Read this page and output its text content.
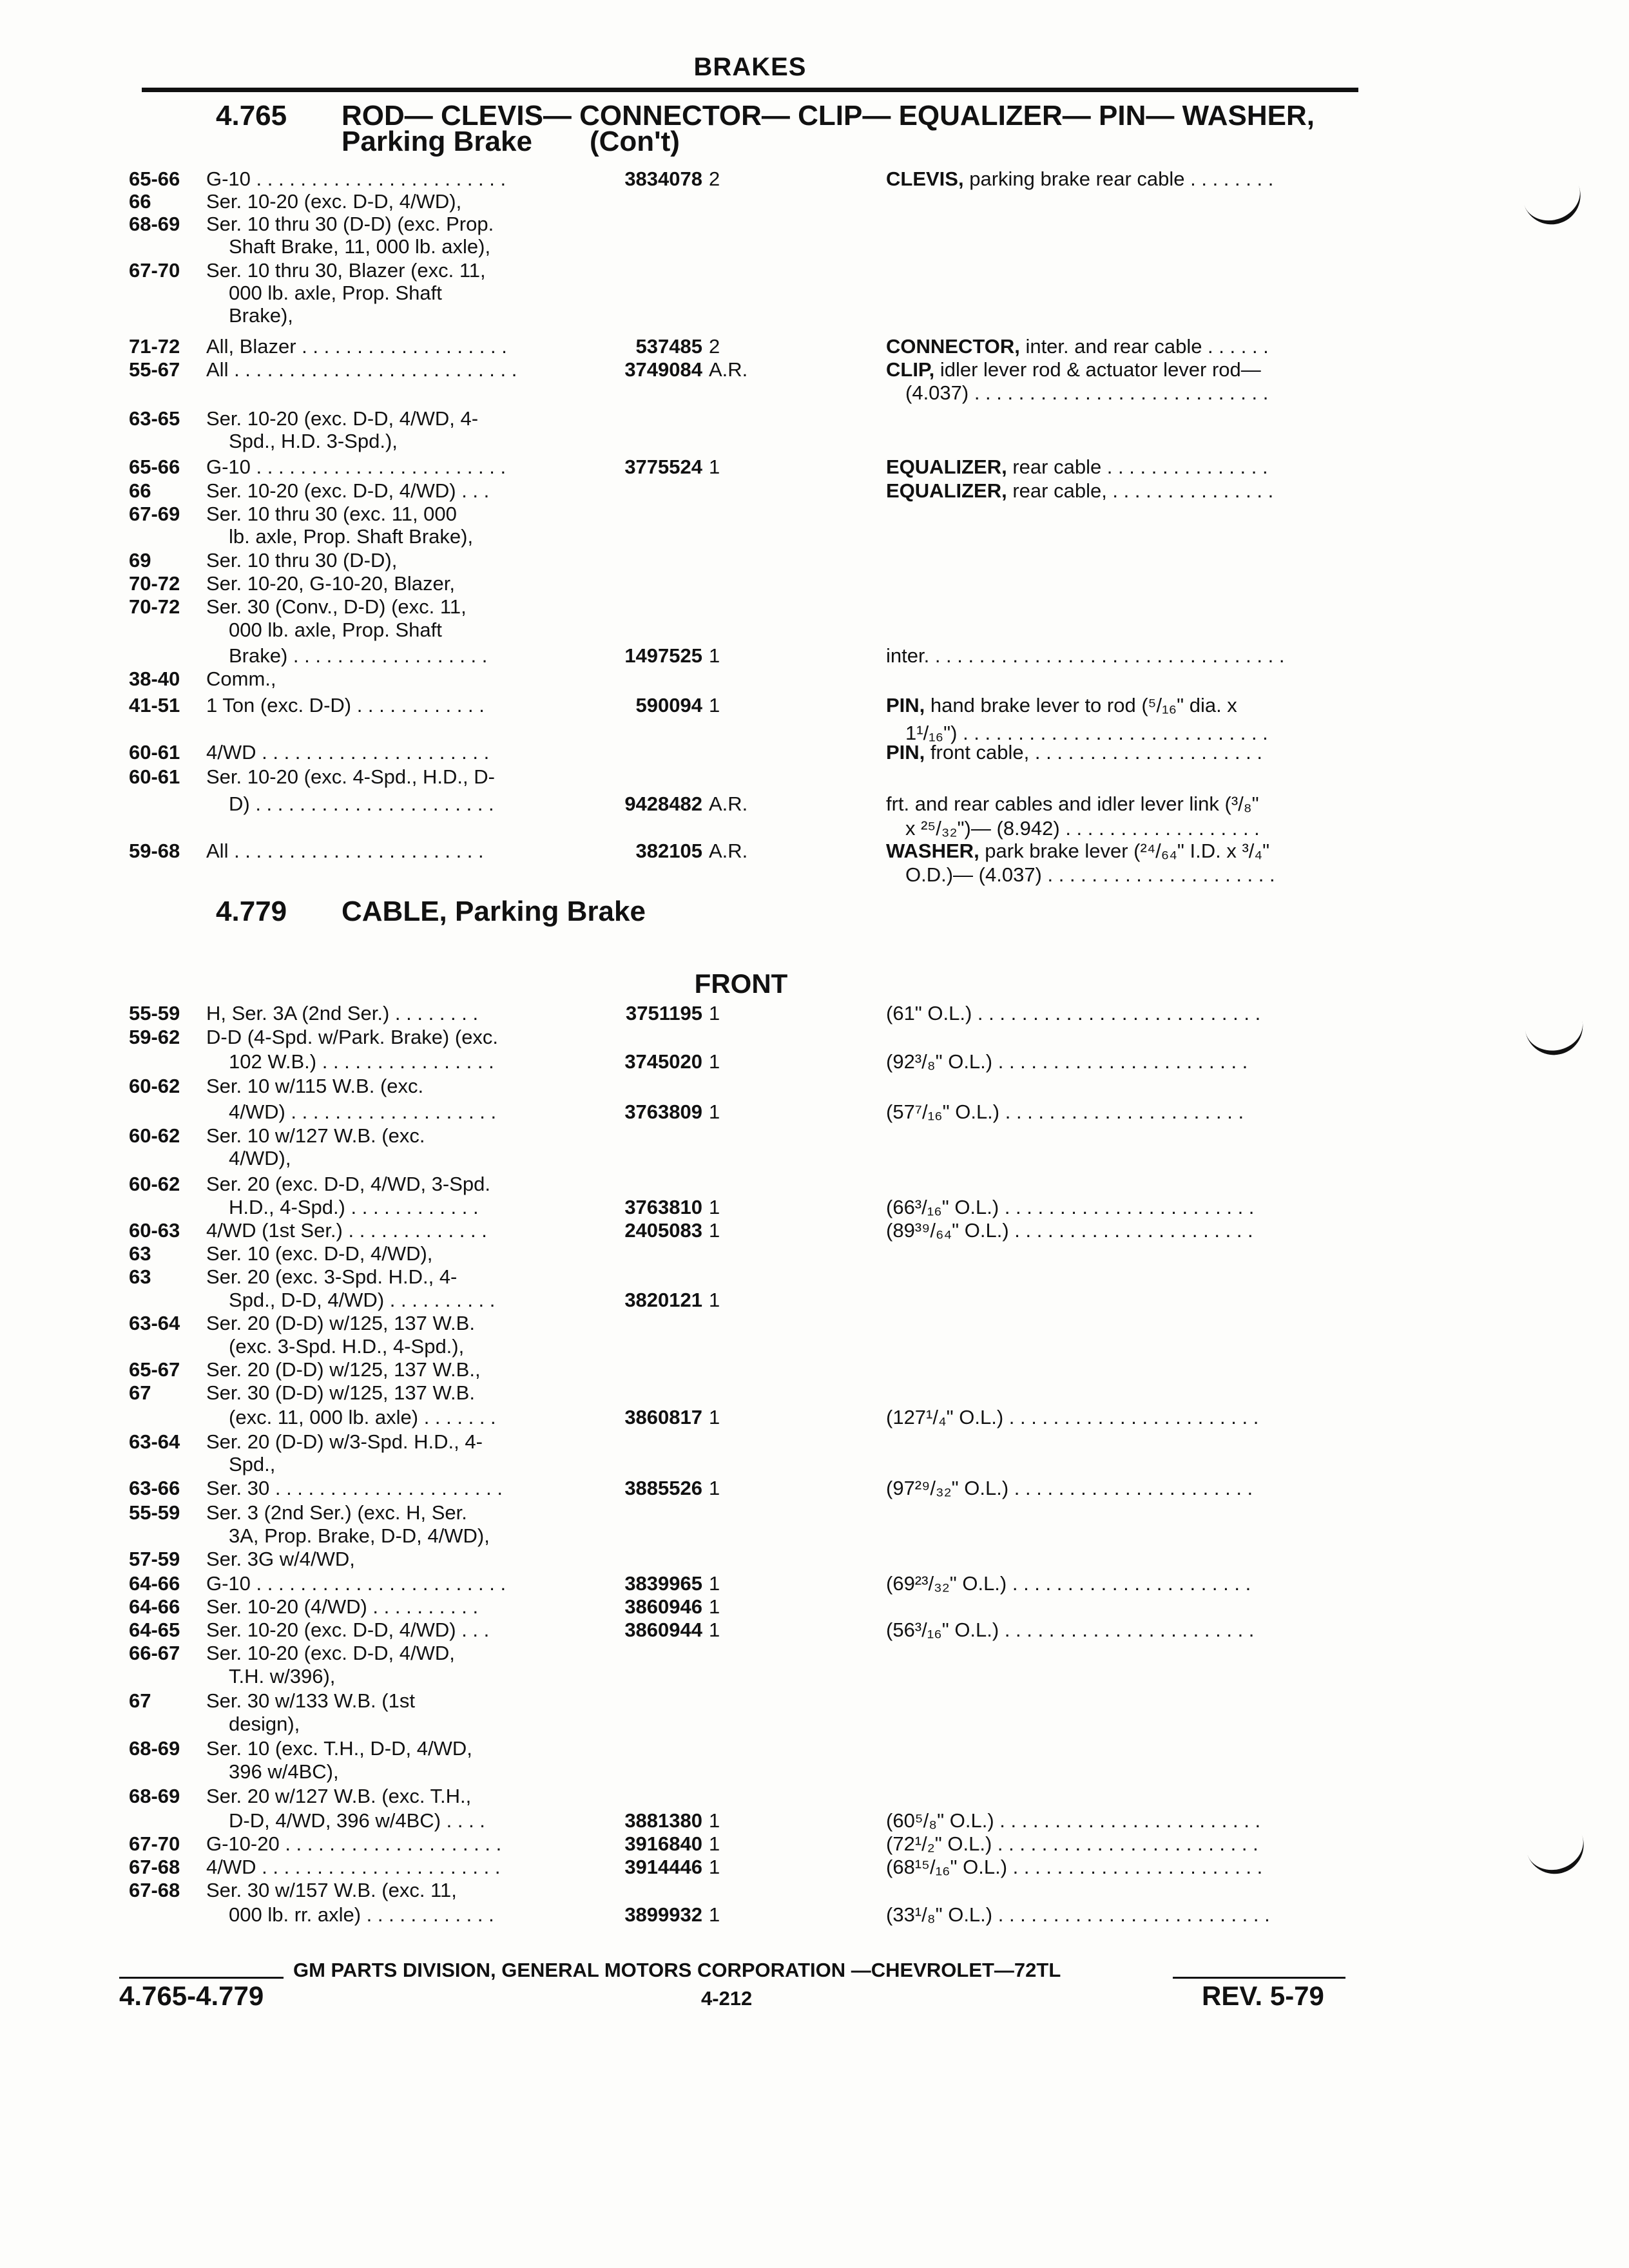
BRAKES
4.765 ROD— CLEVIS— CONNECTOR— CLIP— EQUALIZER— PIN— WASHER,
Parking Brake (Con't)
4.779 CABLE, Parking Brake
FRONT
65-66 G-10 . . . . . . . . . . . . . . . . . . . . . . .	3834078 2	CLEVIS, parking brake rear cable . . . . . . . .
66	Ser. 10-20 (exc. D-D, 4/WD),
68-69 Ser. 10 thru 30 (D-D) (exc. Prop.
Shaft Brake, 11, 000 lb. axle),
67-70 Ser. 10 thru 30, Blazer (exc. 11,
000 lb. axle, Prop. Shaft
Brake),
71-72 All, Blazer . . . . . . . . . . . . . . . . . . .	537485 2	CONNECTOR, inter. and rear cable . . . . . .
55-67 All . . . . . . . . . . . . . . . . . . . . . . . . . .	3749084 A.R.	CLIP, idler lever rod & actuator lever rod—
(4.037) . . . . . . . . . . . . . . . . . . . . . . . . . . .
63-65 Ser. 10-20 (exc. D-D, 4/WD, 4-
Spd., H.D. 3-Spd.),
65-66 G-10 . . . . . . . . . . . . . . . . . . . . . . .	3775524 1	EQUALIZER, rear cable . . . . . . . . . . . . . . .
66	Ser. 10-20 (exc. D-D, 4/WD) . . .	EQUALIZER, rear cable, . . . . . . . . . . . . . . .
67-69 Ser. 10 thru 30 (exc. 11, 000
lb. axle, Prop. Shaft Brake),
69	Ser. 10 thru 30 (D-D),
70-72 Ser. 10-20, G-10-20, Blazer,
70-72 Ser. 30 (Conv., D-D) (exc. 11,
000 lb. axle, Prop. Shaft
Brake) . . . . . . . . . . . . . . . . . .	1497525 1	inter. . . . . . . . . . . . . . . . . . . . . . . . . . . . . . . . .
38-40 Comm.,
41-51 1 Ton (exc. D-D) . . . . . . . . . . . .	590094 1	PIN, hand brake lever to rod (⁵/₁₆" dia. x
1¹/₁₆") . . . . . . . . . . . . . . . . . . . . . . . . . . . .
60-61 4/WD . . . . . . . . . . . . . . . . . . . . .	PIN, front cable, . . . . . . . . . . . . . . . . . . . . .
60-61 Ser. 10-20 (exc. 4-Spd., H.D., D-
D) . . . . . . . . . . . . . . . . . . . . . .	9428482 A.R.	frt. and rear cables and idler lever link (³/₈"
x ²⁵/₃₂")— (8.942) . . . . . . . . . . . . . . . . . .
59-68 All . . . . . . . . . . . . . . . . . . . . . . .	382105 A.R.	WASHER, park brake lever (²⁴/₆₄" I.D. x ³/₄"
O.D.)— (4.037) . . . . . . . . . . . . . . . . . . . . .
55-59 H, Ser. 3A (2nd Ser.) . . . . . . . .	3751195 1	(61" O.L.) . . . . . . . . . . . . . . . . . . . . . . . . . .
59-62 D-D (4-Spd. w/Park. Brake) (exc.
102 W.B.) . . . . . . . . . . . . . . . .	3745020 1	(92³/₈" O.L.) . . . . . . . . . . . . . . . . . . . . . . .
60-62 Ser. 10 w/115 W.B. (exc.
4/WD) . . . . . . . . . . . . . . . . . . .	3763809 1	(57⁷/₁₆" O.L.) . . . . . . . . . . . . . . . . . . . . . .
60-62 Ser. 10 w/127 W.B. (exc.
4/WD),
60-62 Ser. 20 (exc. D-D, 4/WD, 3-Spd.
H.D., 4-Spd.) . . . . . . . . . . . .	3763810 1	(66³/₁₆" O.L.) . . . . . . . . . . . . . . . . . . . . . . .
60-63 4/WD (1st Ser.) . . . . . . . . . . . . .	2405083 1	(89³⁹/₆₄" O.L.) . . . . . . . . . . . . . . . . . . . . . .
63	Ser. 10 (exc. D-D, 4/WD),
63	Ser. 20 (exc. 3-Spd. H.D., 4-
Spd., D-D, 4/WD) . . . . . . . . . .	3820121 1
63-64 Ser. 20 (D-D) w/125, 137 W.B.
(exc. 3-Spd. H.D., 4-Spd.),
65-67 Ser. 20 (D-D) w/125, 137 W.B.,
67	Ser. 30 (D-D) w/125, 137 W.B.
(exc. 11, 000 lb. axle) . . . . . . .	3860817 1	(127¹/₄" O.L.) . . . . . . . . . . . . . . . . . . . . . . .
63-64 Ser. 20 (D-D) w/3-Spd. H.D., 4-
Spd.,
63-66 Ser. 30 . . . . . . . . . . . . . . . . . . . . .	3885526 1	(97²⁹/₃₂" O.L.) . . . . . . . . . . . . . . . . . . . . . .
55-59 Ser. 3 (2nd Ser.) (exc. H, Ser.
3A, Prop. Brake, D-D, 4/WD),
57-59 Ser. 3G w/4/WD,
64-66 G-10 . . . . . . . . . . . . . . . . . . . . . . .	3839965 1	(69²³/₃₂" O.L.) . . . . . . . . . . . . . . . . . . . . . .
64-66 Ser. 10-20 (4/WD) . . . . . . . . . .	3860946 1
64-65 Ser. 10-20 (exc. D-D, 4/WD) . . .	3860944 1	(56³/₁₆" O.L.) . . . . . . . . . . . . . . . . . . . . . . .
66-67 Ser. 10-20 (exc. D-D, 4/WD,
T.H. w/396),
67	Ser. 30 w/133 W.B. (1st
design),
68-69 Ser. 10 (exc. T.H., D-D, 4/WD,
396 w/4BC),
68-69 Ser. 20 w/127 W.B. (exc. T.H.,
D-D, 4/WD, 396 w/4BC) . . . .	3881380 1	(60⁵/₈" O.L.) . . . . . . . . . . . . . . . . . . . . . . . .
67-70 G-10-20 . . . . . . . . . . . . . . . . . . . .	3916840 1	(72¹/₂" O.L.) . . . . . . . . . . . . . . . . . . . . . . . .
67-68 4/WD . . . . . . . . . . . . . . . . . . . . . .	3914446 1	(68¹⁵/₁₆" O.L.) . . . . . . . . . . . . . . . . . . . . . . .
67-68 Ser. 30 w/157 W.B. (exc. 11,
000 lb. rr. axle) . . . . . . . . . . . .	3899932 1	(33¹/₈" O.L.) . . . . . . . . . . . . . . . . . . . . . . . . .
GM PARTS DIVISION, GENERAL MOTORS CORPORATION —CHEVROLET—72TL
4.765-4.779	4-212	REV. 5-79
